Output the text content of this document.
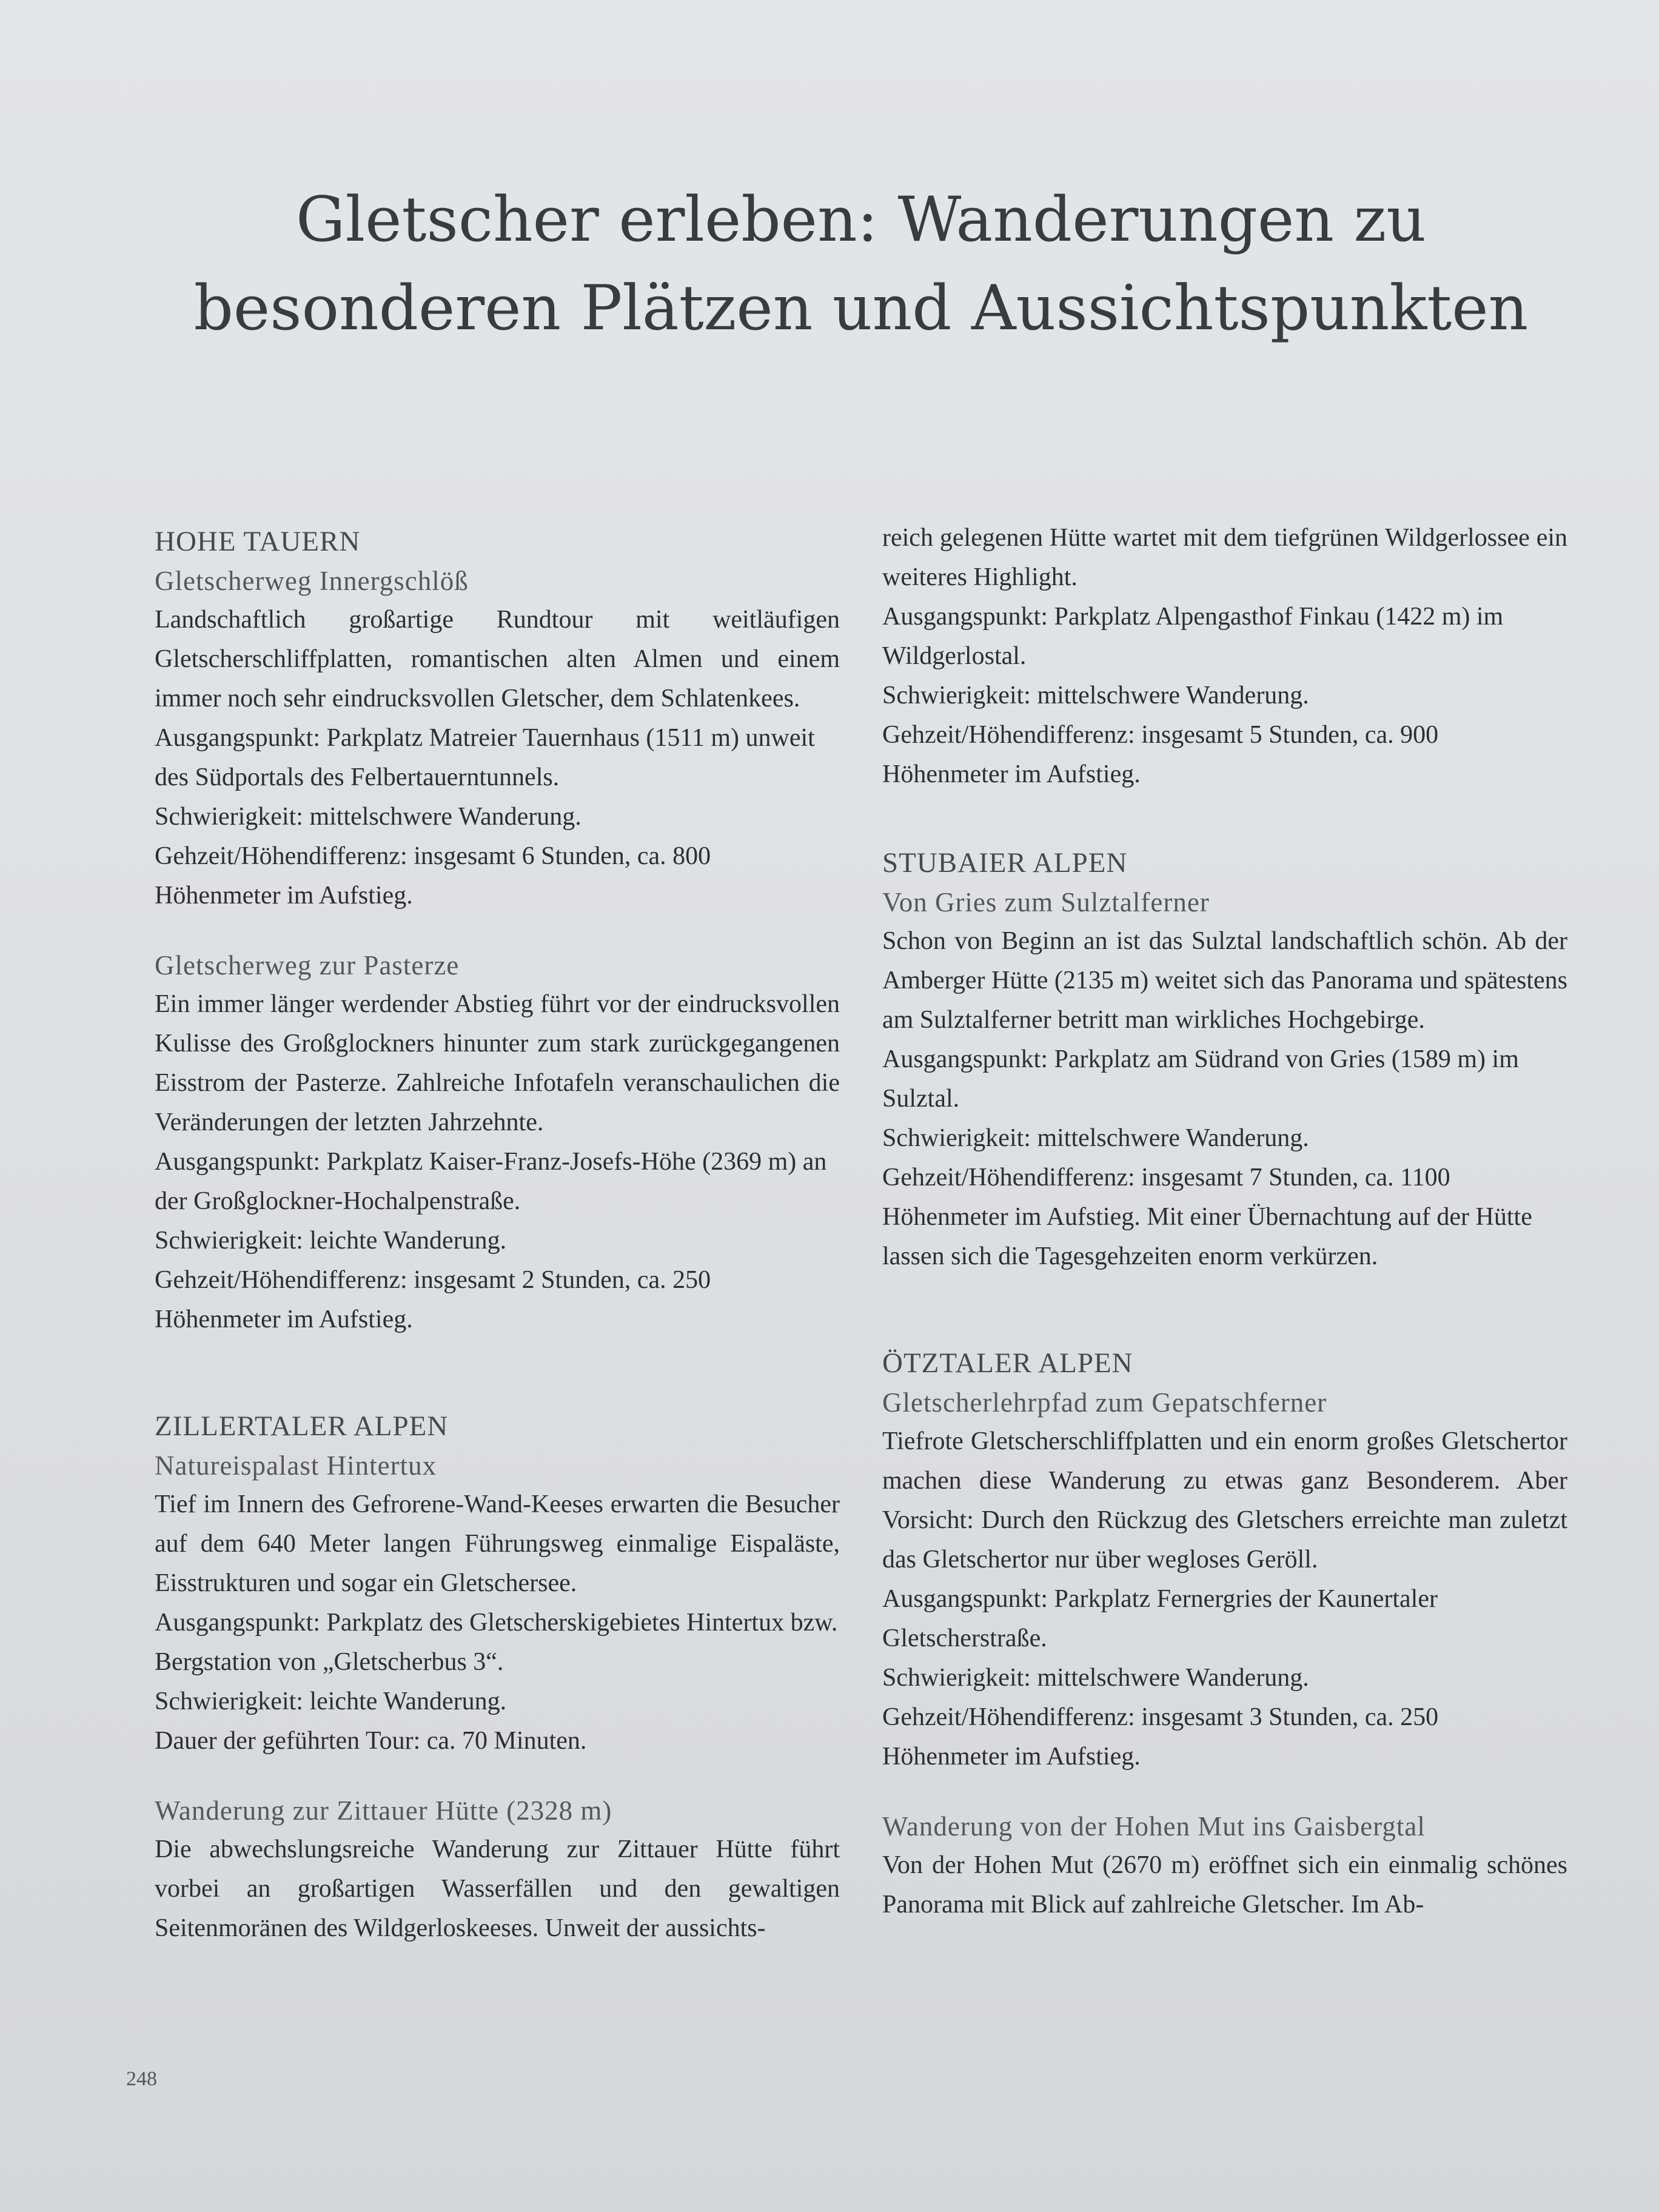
Gletscher erleben: Wanderungen zu
besonderen Plätzen und Aussichtspunkten

HOHE TAUERN

Gletscherweg Innergschlöß

Landschaftlich großartige Rundtour mit weitläufigen Gletscherschliffplatten, romantischen alten Almen und einem immer noch sehr eindrucksvollen Gletscher, dem Schlatenkees.

Ausgangspunkt: Parkplatz Matreier Tauernhaus (1511 m) unweit des Südportals des Felbertauerntunnels.

Schwierigkeit: mittelschwere Wanderung.

Gehzeit/Höhendifferenz: insgesamt 6 Stunden, ca. 800 Höhenmeter im Aufstieg.

Gletscherweg zur Pasterze

Ein immer länger werdender Abstieg führt vor der eindrucksvollen Kulisse des Großglockners hinunter zum stark zurückgegangenen Eisstrom der Pasterze. Zahlreiche Infotafeln veranschaulichen die Veränderungen der letzten Jahrzehnte.

Ausgangspunkt: Parkplatz Kaiser-Franz-Josefs-Höhe (2369 m) an der Großglockner-Hochalpenstraße.

Schwierigkeit: leichte Wanderung.

Gehzeit/Höhendifferenz: insgesamt 2 Stunden, ca. 250 Höhenmeter im Aufstieg.

ZILLERTALER ALPEN

Natureispalast Hintertux

Tief im Innern des Gefrorene-Wand-Keeses erwarten die Besucher auf dem 640 Meter langen Führungsweg einmalige Eispaläste, Eisstrukturen und sogar ein Gletschersee.

Ausgangspunkt: Parkplatz des Gletscherskigebietes Hintertux bzw. Bergstation von „Gletscherbus 3“.

Schwierigkeit: leichte Wanderung.

Dauer der geführten Tour: ca. 70 Minuten.

Wanderung zur Zittauer Hütte (2328 m)

Die abwechslungsreiche Wanderung zur Zittauer Hütte führt vorbei an großartigen Wasserfällen und den gewaltigen Seitenmoränen des Wildgerloskeeses. Unweit der aussichts-

reich gelegenen Hütte wartet mit dem tiefgrünen Wildgerlossee ein weiteres Highlight.

Ausgangspunkt: Parkplatz Alpengasthof Finkau (1422 m) im Wildgerlostal.

Schwierigkeit: mittelschwere Wanderung.

Gehzeit/Höhendifferenz: insgesamt 5 Stunden, ca. 900 Höhenmeter im Aufstieg.

STUBAIER ALPEN

Von Gries zum Sulztalferner

Schon von Beginn an ist das Sulztal landschaftlich schön. Ab der Amberger Hütte (2135 m) weitet sich das Panorama und spätestens am Sulztalferner betritt man wirkliches Hochgebirge.

Ausgangspunkt: Parkplatz am Südrand von Gries (1589 m) im Sulztal.

Schwierigkeit: mittelschwere Wanderung.

Gehzeit/Höhendifferenz: insgesamt 7 Stunden, ca. 1100 Höhenmeter im Aufstieg. Mit einer Übernachtung auf der Hütte lassen sich die Tagesgehzeiten enorm verkürzen.

ÖTZTALER ALPEN

Gletscherlehrpfad zum Gepatschferner

Tiefrote Gletscherschliffplatten und ein enorm großes Gletschertor machen diese Wanderung zu etwas ganz Besonderem. Aber Vorsicht: Durch den Rückzug des Gletschers erreichte man zuletzt das Gletschertor nur über wegloses Geröll.

Ausgangspunkt: Parkplatz Fernergries der Kaunertaler Gletscherstraße.

Schwierigkeit: mittelschwere Wanderung.

Gehzeit/Höhendifferenz: insgesamt 3 Stunden, ca. 250 Höhenmeter im Aufstieg.

Wanderung von der Hohen Mut ins Gaisbergtal

Von der Hohen Mut (2670 m) eröffnet sich ein einmalig schönes Panorama mit Blick auf zahlreiche Gletscher. Im Ab-

248
